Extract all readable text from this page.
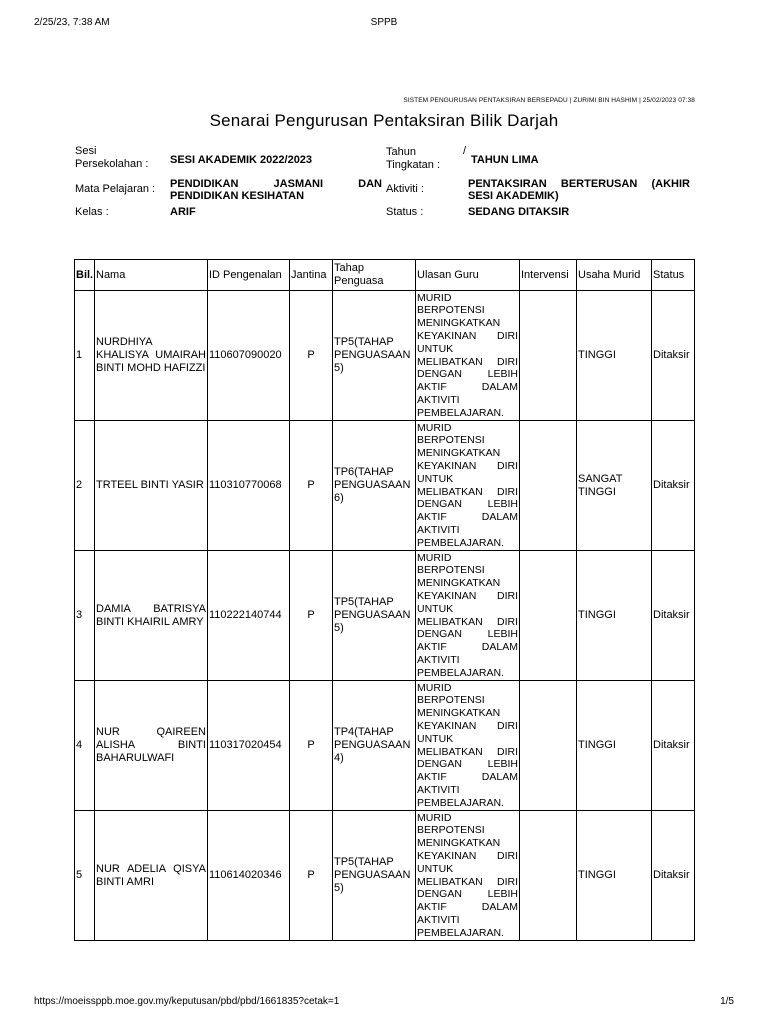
2/25/23, 7:38 AM	SPPB
SISTEM PENGURUSAN PENTAKSIRAN BERSEPADU | ZURIMI BIN HASHIM | 25/02/2023 07:38
Senarai Pengurusan Pentaksiran Bilik Darjah
Sesi
Persekolahan : SESI AKADEMIK 2022/2023
Tahun	/
Tingkatan :	TAHUN LIMA
Mata Pelajaran : PENDIDIKAN JASMANI DAN PENDIDIKAN KESIHATAN
Aktiviti :	PENTAKSIRAN BERTERUSAN (AKHIR SESI AKADEMIK)
Kelas :	ARIF	Status :	SEDANG DITAKSIR
Bil.	Nama	ID Pengenalan	Jantina	Tahap Penguasa	Ulasan Guru	Intervensi	Usaha Murid	Status
1	NURDHIYA KHALISYA UMAIRAH BINTI MOHD HAFIZZI	110607090020	P	TP5(TAHAP PENGUASAAN 5)	MURID BERPOTENSI MENINGKATKAN KEYAKINAN DIRI UNTUK MELIBATKAN DIRI DENGAN LEBIH AKTIF DALAM AKTIVITI PEMBELAJARAN.		TINGGI	Ditaksir
2	TRTEEL BINTI YASIR	110310770068	P	TP6(TAHAP PENGUASAAN 6)	MURID BERPOTENSI MENINGKATKAN KEYAKINAN DIRI UNTUK MELIBATKAN DIRI DENGAN LEBIH AKTIF DALAM AKTIVITI PEMBELAJARAN.		SANGAT TINGGI	Ditaksir
3	DAMIA BATRISYA BINTI KHAIRIL AMRY	110222140744	P	TP5(TAHAP PENGUASAAN 5)	MURID BERPOTENSI MENINGKATKAN KEYAKINAN DIRI UNTUK MELIBATKAN DIRI DENGAN LEBIH AKTIF DALAM AKTIVITI PEMBELAJARAN.		TINGGI	Ditaksir
4	NUR QAIREEN ALISHA BINTI BAHARULWAFI	110317020454	P	TP4(TAHAP PENGUASAAN 4)	MURID BERPOTENSI MENINGKATKAN KEYAKINAN DIRI UNTUK MELIBATKAN DIRI DENGAN LEBIH AKTIF DALAM AKTIVITI PEMBELAJARAN.		TINGGI	Ditaksir
5	NUR ADELIA QISYA BINTI AMRI	110614020346	P	TP5(TAHAP PENGUASAAN 5)	MURID BERPOTENSI MENINGKATKAN KEYAKINAN DIRI UNTUK MELIBATKAN DIRI DENGAN LEBIH AKTIF DALAM AKTIVITI PEMBELAJARAN.		TINGGI	Ditaksir
https://moeissppb.moe.gov.my/keputusan/pbd/pbd/1661835?cetak=1	1/5
